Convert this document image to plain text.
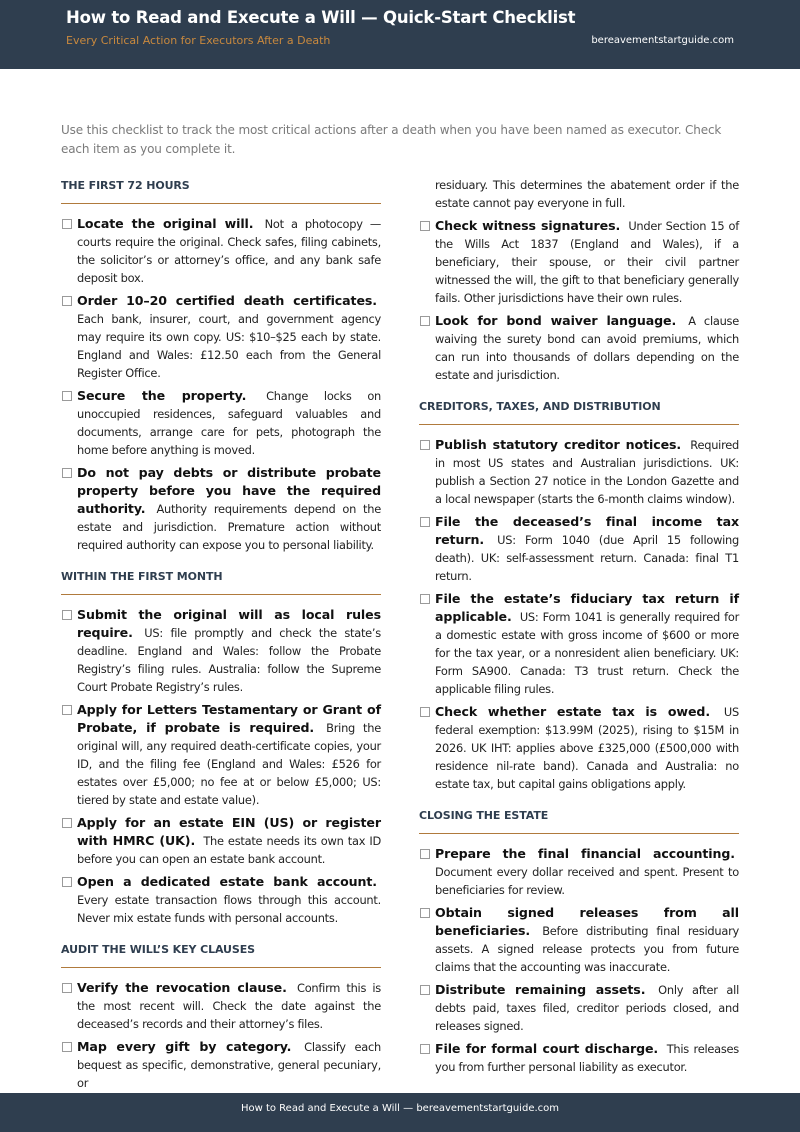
How to Read and Execute a Will — Quick-Start Checklist
Every Critical Action for Executors After a Death	bereavementstartguide.com
Use this checklist to track the most critical actions after a death when you have been named as executor. Check each item as you complete it.
THE FIRST 72 HOURS
Locate the original will. Not a photocopy — courts require the original. Check safes, filing cabinets, the solicitor’s or attorney’s office, and any bank safe deposit box.
Order 10–20 certified death certificates. Each bank, insurer, court, and government agency may require its own copy. US: $10–$25 each by state. England and Wales: £12.50 each from the General Register Office.
Secure the property. Change locks on unoccupied residences, safeguard valuables and documents, arrange care for pets, photograph the home before anything is moved.
Do not pay debts or distribute probate property before you have the required authority. Authority requirements depend on the estate and jurisdiction. Premature action without required authority can expose you to personal liability.
WITHIN THE FIRST MONTH
Submit the original will as local rules require. US: file promptly and check the state’s deadline. England and Wales: follow the Probate Registry’s filing rules. Australia: follow the Supreme Court Probate Registry’s rules.
Apply for Letters Testamentary or Grant of Probate, if probate is required. Bring the original will, any required death-certificate copies, your ID, and the filing fee (England and Wales: £526 for estates over £5,000; no fee at or below £5,000; US: tiered by state and estate value).
Apply for an estate EIN (US) or register with HMRC (UK). The estate needs its own tax ID before you can open an estate bank account.
Open a dedicated estate bank account. Every estate transaction flows through this account. Never mix estate funds with personal accounts.
AUDIT THE WILL’S KEY CLAUSES
Verify the revocation clause. Confirm this is the most recent will. Check the date against the deceased’s records and their attorney’s files.
Map every gift by category. Classify each bequest as specific, demonstrative, general pecuniary, or
residuary. This determines the abatement order if the estate cannot pay everyone in full.
Check witness signatures. Under Section 15 of the Wills Act 1837 (England and Wales), if a beneficiary, their spouse, or their civil partner witnessed the will, the gift to that beneficiary generally fails. Other jurisdictions have their own rules.
Look for bond waiver language. A clause waiving the surety bond can avoid premiums, which can run into thousands of dollars depending on the estate and jurisdiction.
CREDITORS, TAXES, AND DISTRIBUTION
Publish statutory creditor notices. Required in most US states and Australian jurisdictions. UK: publish a Section 27 notice in the London Gazette and a local newspaper (starts the 6-month claims window).
File the deceased’s final income tax return. US: Form 1040 (due April 15 following death). UK: self-assessment return. Canada: final T1 return.
File the estate’s fiduciary tax return if applicable. US: Form 1041 is generally required for a domestic estate with gross income of $600 or more for the tax year, or a nonresident alien beneficiary. UK: Form SA900. Canada: T3 trust return. Check the applicable filing rules.
Check whether estate tax is owed. US federal exemption: $13.99M (2025), rising to $15M in 2026. UK IHT: applies above £325,000 (£500,000 with residence nil-rate band). Canada and Australia: no estate tax, but capital gains obligations apply.
CLOSING THE ESTATE
Prepare the final financial accounting. Document every dollar received and spent. Present to beneficiaries for review.
Obtain signed releases from all beneficiaries. Before distributing final residuary assets. A signed release protects you from future claims that the accounting was inaccurate.
Distribute remaining assets. Only after all debts paid, taxes filed, creditor periods closed, and releases signed.
File for formal court discharge. This releases you from further personal liability as executor.
How to Read and Execute a Will — bereavementstartguide.com
